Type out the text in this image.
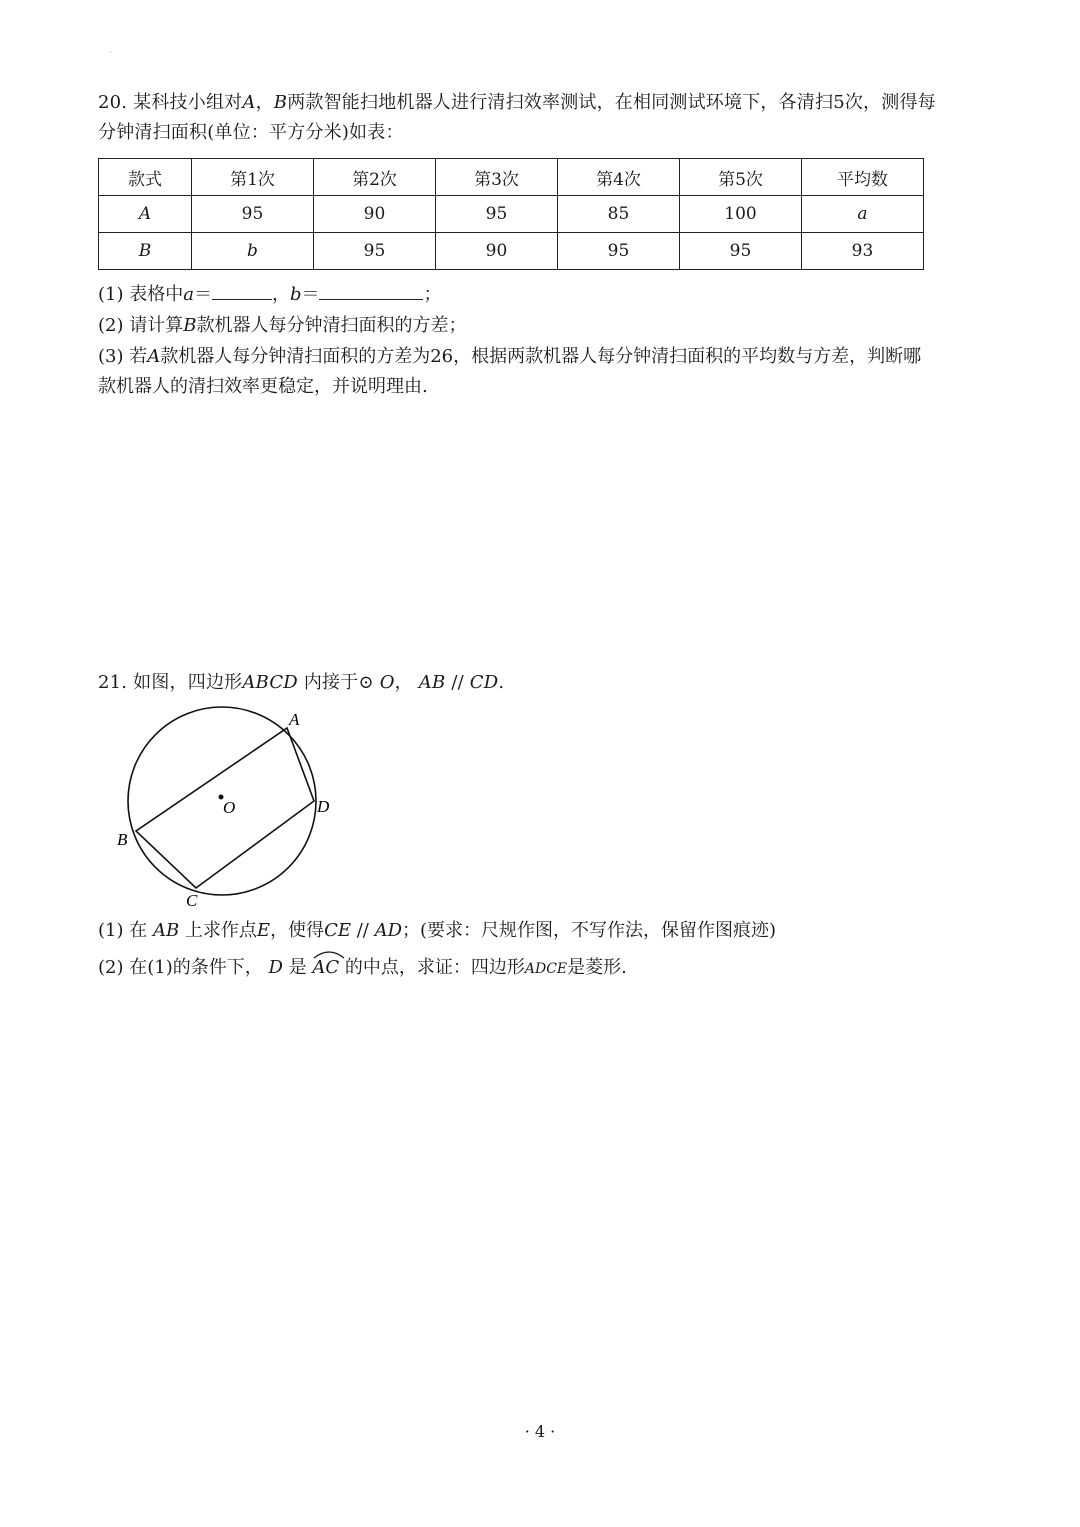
·
20. 某科技小组对A，B两款智能扫地机器人进行清扫效率测试，在相同测试环境下，各清扫5次，测得每
分钟清扫面积(单位：平方分米)如表：
款式	第1次	第2次	第3次	第4次	第5次	平均数
A	95	90	95	85	100	a
B	b	95	90	95	95	93
(1) 表格中a＝	，b＝	；
(2) 请计算B款机器人每分钟清扫面积的方差；
(3) 若A款机器人每分钟清扫面积的方差为26，根据两款机器人每分钟清扫面积的平均数与方差，判断哪
款机器人的清扫效率更稳定，并说明理由.
21. 如图，四边形ABCD 内接于⊙ O， AB // CD.
A
B
C
D
O
(1) 在 AB 上求作点E，使得CE // AD；(要求：尺规作图，不写作法，保留作图痕迹)
(2) 在(1)的条件下， D 是 AC 的中点，求证：四边形ADCE是菱形.
· 4 ·
